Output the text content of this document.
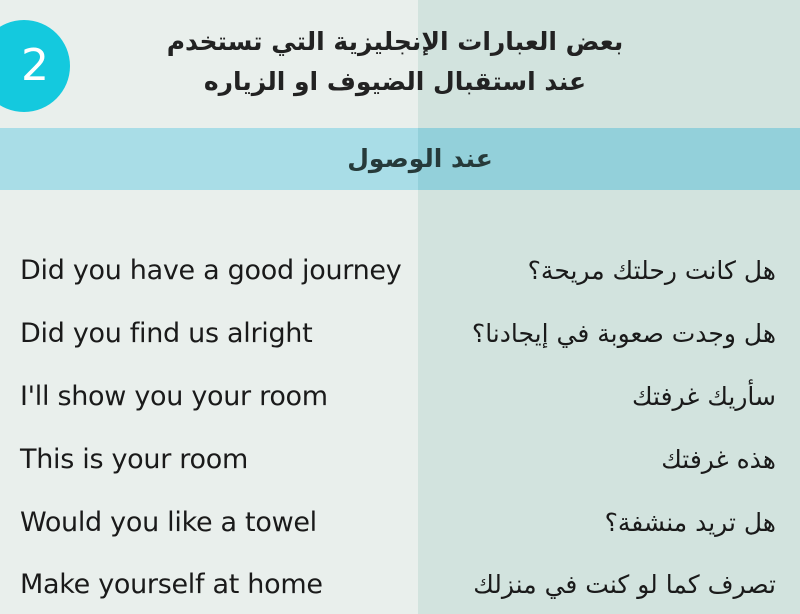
2	بعض العبارات الإنجليزية التي تستخدم
عند استقبال الضيوف او الزياره
عند الوصول
Did you have a good journey	هل كانت رحلتك مريحة؟
Did you find us alright	هل وجدت صعوبة في إيجادنا؟
I'll show you your room	سأريك غرفتك
This is your room	هذه غرفتك
Would you like a towel	هل تريد منشفة؟
Make yourself at home	تصرف كما لو كنت في منزلك
